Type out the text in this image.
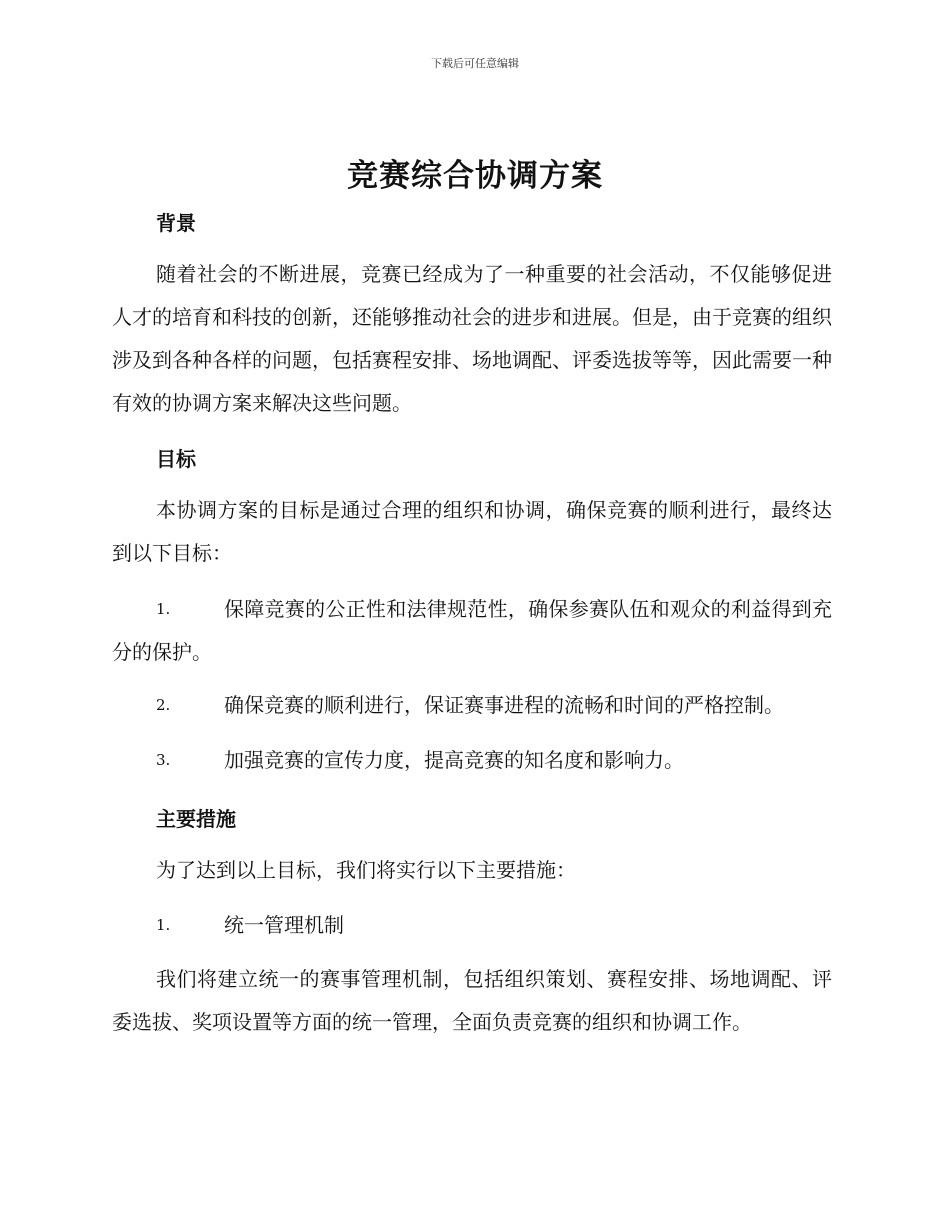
下载后可任意编辑
竞赛综合协调方案
背景
随着社会的不断进展，竞赛已经成为了一种重要的社会活动，不仅能够促进人才的培育和科技的创新，还能够推动社会的进步和进展。但是，由于竞赛的组织涉及到各种各样的问题，包括赛程安排、场地调配、评委选拔等等，因此需要一种有效的协调方案来解决这些问题。
目标
本协调方案的目标是通过合理的组织和协调，确保竞赛的顺利进行，最终达到以下目标：
1.	保障竞赛的公正性和法律规范性，确保参赛队伍和观众的利益得到充分的保护。
2.	确保竞赛的顺利进行，保证赛事进程的流畅和时间的严格控制。
3.	加强竞赛的宣传力度，提高竞赛的知名度和影响力。
主要措施
为了达到以上目标，我们将实行以下主要措施：
1.	统一管理机制
我们将建立统一的赛事管理机制，包括组织策划、赛程安排、场地调配、评委选拔、奖项设置等方面的统一管理，全面负责竞赛的组织和协调工作。
